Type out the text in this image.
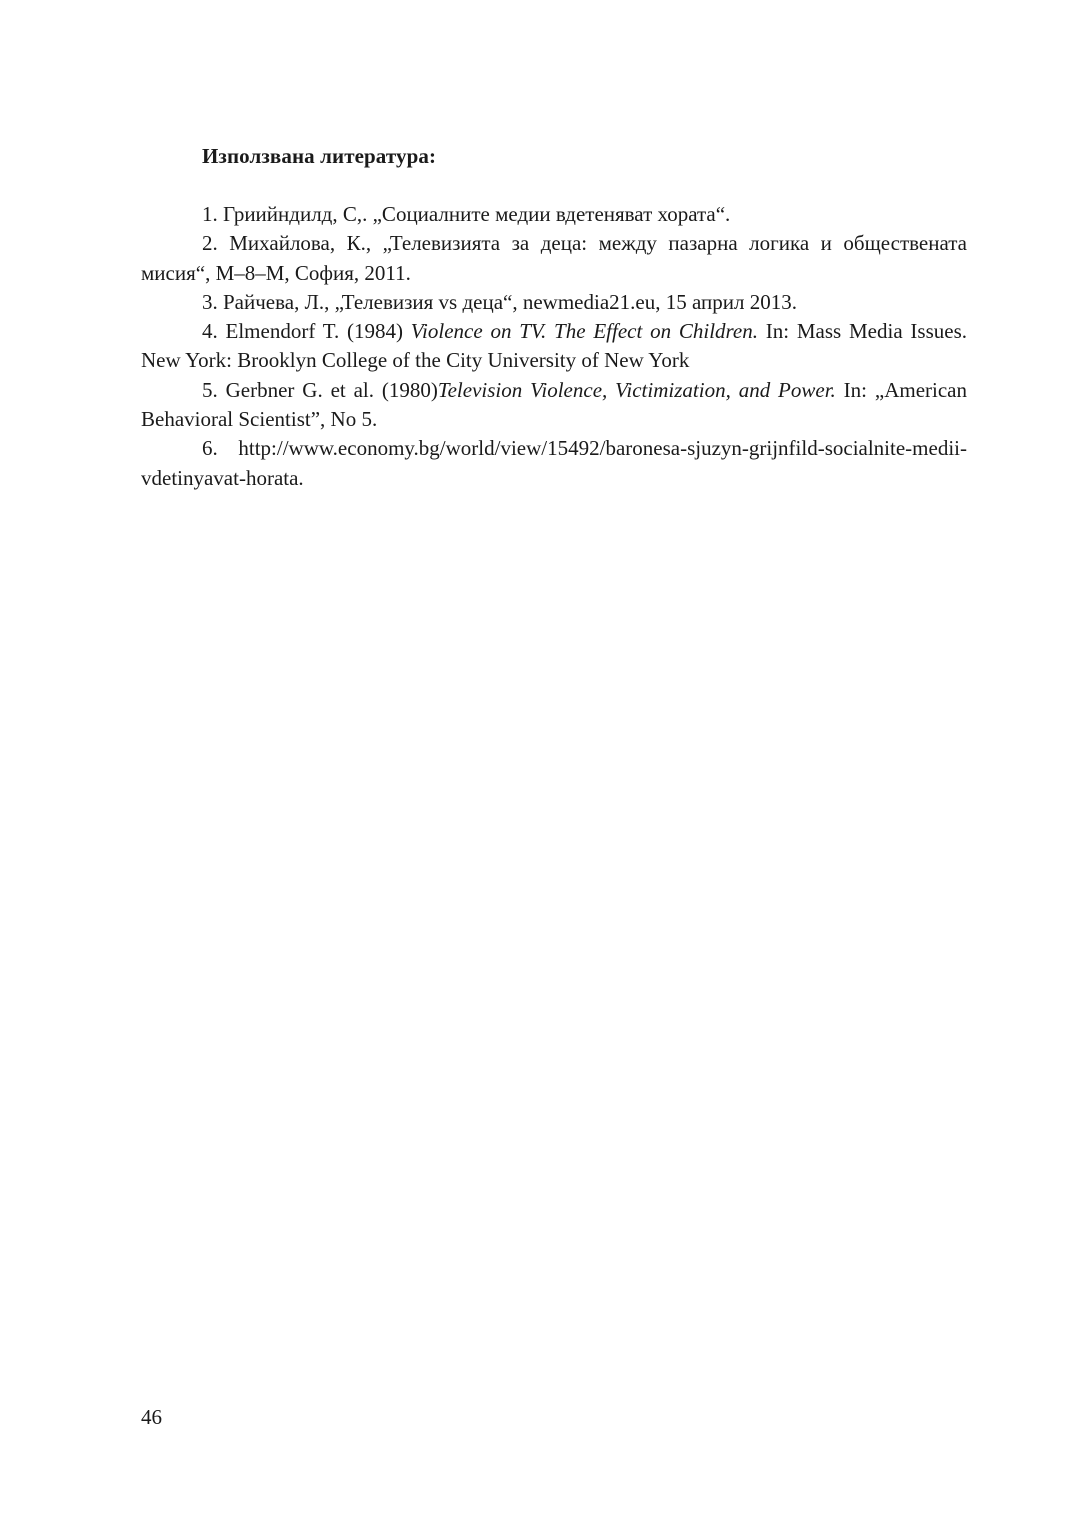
Използвана литература:

1. Гриийндилд, С,. „Социалните медии вдетеняват хората“.

2. Михайлова, К., „Телевизията за деца: между пазарна логика и обществената мисия“, М–8–М, София, 2011.

3. Райчева, Л., „Телевизия vs деца“, newmedia21.eu, 15 април 2013.

4. Elmendorf T. (1984) Violence on TV. The Effect on Children. In: Mass Media Issues. New York: Brooklyn College of the City University of New York

5. Gerbner G. et al. (1980)Television Violence, Victimization, and Power. In: „American Behavioral Scientist”, No 5.

6. http://www.economy.bg/world/view/15492/baronesa-sjuzyn-grijnfild-socialnite-medii-vdetinyavat-horata.

46
